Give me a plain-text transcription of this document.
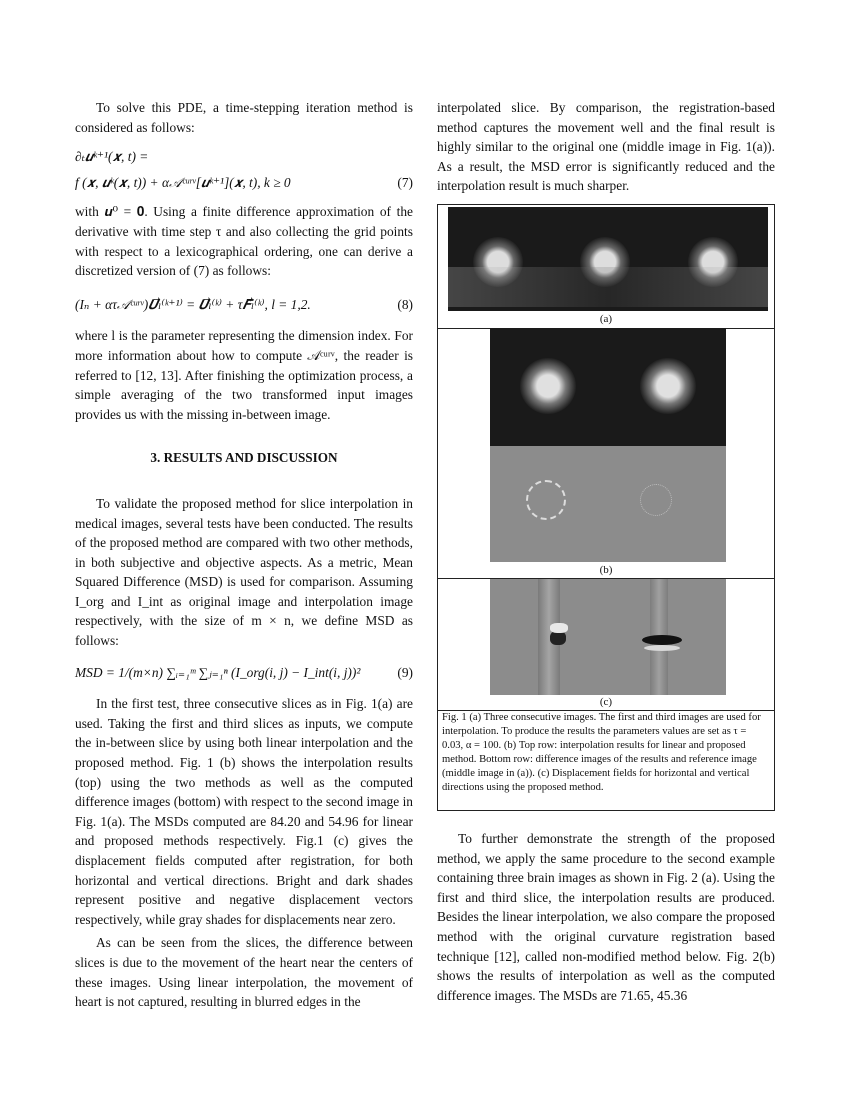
To solve this PDE, a time-stepping iteration method is considered as follows:

∂ₜ𝒖ᵏ⁺¹(𝒙, t) =
f (𝒙, 𝒖ᵏ(𝒙, t)) + α𝒜ᶜᵘʳᵛ[𝒖ᵏ⁺¹](𝒙, t), k ≥ 0	(7)

with 𝒖⁰ = 𝟎. Using a finite difference approximation of the derivative with time step τ and also collecting the grid points with respect to a lexicographical ordering, one can derive a discretized version of (7) as follows:

(Iₙ + ατ𝒜ᶜᵘʳᵛ)𝑼⃗ₗ⁽ᵏ⁺¹⁾ = 𝑼⃗ₗ⁽ᵏ⁾ + τ𝑭⃗ₗ⁽ᵏ⁾, l = 1,2.	(8)

where l is the parameter representing the dimension index. For more information about how to compute 𝒜ᶜᵘʳᵛ, the reader is referred to [12, 13]. After finishing the optimization process, a simple averaging of the two transformed input images provides us with the missing in-between image.

3. RESULTS AND DISCUSSION

To validate the proposed method for slice interpolation in medical images, several tests have been conducted. The results of the proposed method are compared with two other methods, in both subjective and objective aspects. As a metric, Mean Squared Difference (MSD) is used for comparison. Assuming I_org and I_int as original image and interpolation image respectively, with the size of m × n, we define MSD as follows:

MSD = 1/(m×n) ∑ᵢ₌₁ᵐ ∑ⱼ₌₁ⁿ (I_org(i, j) − I_int(i, j))²	(9)

In the first test, three consecutive slices as in Fig. 1(a) are used. Taking the first and third slices as inputs, we compute the in-between slice by using both linear interpolation and the proposed method. Fig. 1 (b) shows the interpolation results (top) using the two methods as well as the computed difference images (bottom) with respect to the second image in Fig. 1(a). The MSDs computed are 84.20 and 54.96 for linear and proposed methods respectively. Fig.1 (c) gives the displacement fields computed after registration, for both horizontal and vertical directions. Bright and dark shades represent positive and negative displacement vectors respectively, while gray shades for displacements near zero.

As can be seen from the slices, the difference between slices is due to the movement of the heart near the centers of these images. Using linear interpolation, the movement of heart is not captured, resulting in blurred edges in the

interpolated slice. By comparison, the registration-based method captures the movement well and the final result is highly similar to the original one (middle image in Fig. 1(a)). As a result, the MSD error is significantly reduced and the interpolation result is much sharper.

(a)
(b)
(c)
Fig. 1 (a) Three consecutive images. The first and third images are used for interpolation. To produce the results the parameters values are set as τ = 0.03, α = 100. (b) Top row: interpolation results for linear and proposed method. Bottom row: difference images of the results and reference image (middle image in (a)). (c) Displacement fields for horizontal and vertical directions using the proposed method.

To further demonstrate the strength of the proposed method, we apply the same procedure to the second example containing three brain images as shown in Fig. 2 (a). Using the first and third slice, the interpolation results are produced. Besides the linear interpolation, we also compare the proposed method with the original curvature registration based technique [12], called non-modified method below. Fig. 2(b) shows the results of interpolation as well as the computed difference images. The MSDs are 71.65, 45.36
